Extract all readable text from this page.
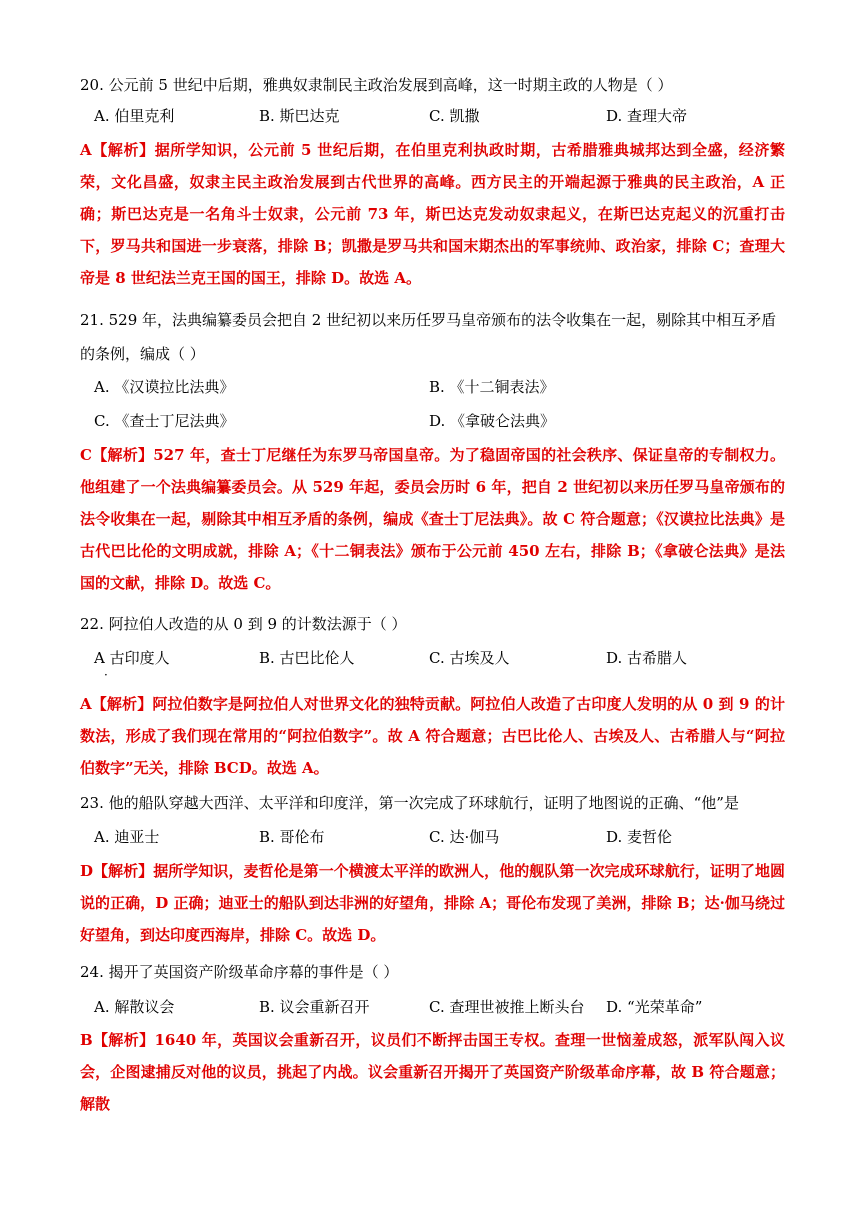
20. 公元前 5 世纪中后期，雅典奴隶制民主政治发展到高峰，这一时期主政的人物是（ ）

A. 伯里克利	B. 斯巴达克	C. 凯撒	D. 查理大帝

A【解析】据所学知识，公元前 5 世纪后期，在伯里克利执政时期，古希腊雅典城邦达到全盛，经济繁荣，文化昌盛，奴隶主民主政治发展到古代世界的高峰。西方民主的开端起源于雅典的民主政治，A 正确；斯巴达克是一名角斗士奴隶，公元前 73 年，斯巴达克发动奴隶起义，在斯巴达克起义的沉重打击下，罗马共和国进一步衰落，排除 B；凯撒是罗马共和国末期杰出的军事统帅、政治家，排除 C；查理大帝是 8 世纪法兰克王国的国王，排除 D。故选 A。

21. 529 年，法典编纂委员会把自 2 世纪初以来历任罗马皇帝颁布的法令收集在一起，剔除其中相互矛盾的条例，编成（ ）

A. 《汉谟拉比法典》	B. 《十二铜表法》
C. 《查士丁尼法典》	D. 《拿破仑法典》

C【解析】527 年，查士丁尼继任为东罗马帝国皇帝。为了稳固帝国的社会秩序、保证皇帝的专制权力。他组建了一个法典编纂委员会。从 529 年起，委员会历时 6 年，把自 2 世纪初以来历任罗马皇帝颁布的法令收集在一起，剔除其中相互矛盾的条例，编成《查士丁尼法典》。故 C 符合题意；《汉谟拉比法典》是古代巴比伦的文明成就，排除 A；《十二铜表法》颁布于公元前 450 左右，排除 B；《拿破仑法典》是法国的文献，排除 D。故选 C。

22. 阿拉伯人改造的从 0 到 9 的计数法源于（ ）

A 古印度人	B. 古巴比伦人	C. 古埃及人	D. 古希腊人
·

A【解析】阿拉伯数字是阿拉伯人对世界文化的独特贡献。阿拉伯人改造了古印度人发明的从 0 到 9 的计数法，形成了我们现在常用的“阿拉伯数字”。故 A 符合题意；古巴比伦人、古埃及人、古希腊人与“阿拉伯数字”无关，排除 BCD。故选 A。

23. 他的船队穿越大西洋、太平洋和印度洋，第一次完成了环球航行，证明了地图说的正确、“他”是

A. 迪亚士	B. 哥伦布	C. 达·伽马	D. 麦哲伦

D【解析】据所学知识，麦哲伦是第一个横渡太平洋的欧洲人，他的舰队第一次完成环球航行，证明了地圆说的正确，D 正确；迪亚士的船队到达非洲的好望角，排除 A；哥伦布发现了美洲，排除 B；达·伽马绕过好望角，到达印度西海岸，排除 C。故选 D。

24. 揭开了英国资产阶级革命序幕的事件是（ ）

A. 解散议会	B. 议会重新召开	C. 查理世被推上断头台 D. “光荣革命”

B【解析】1640 年，英国议会重新召开，议员们不断抨击国王专权。查理一世恼羞成怒，派军队闯入议会，企图逮捕反对他的议员，挑起了内战。议会重新召开揭开了英国资产阶级革命序幕，故 B 符合题意；解散
